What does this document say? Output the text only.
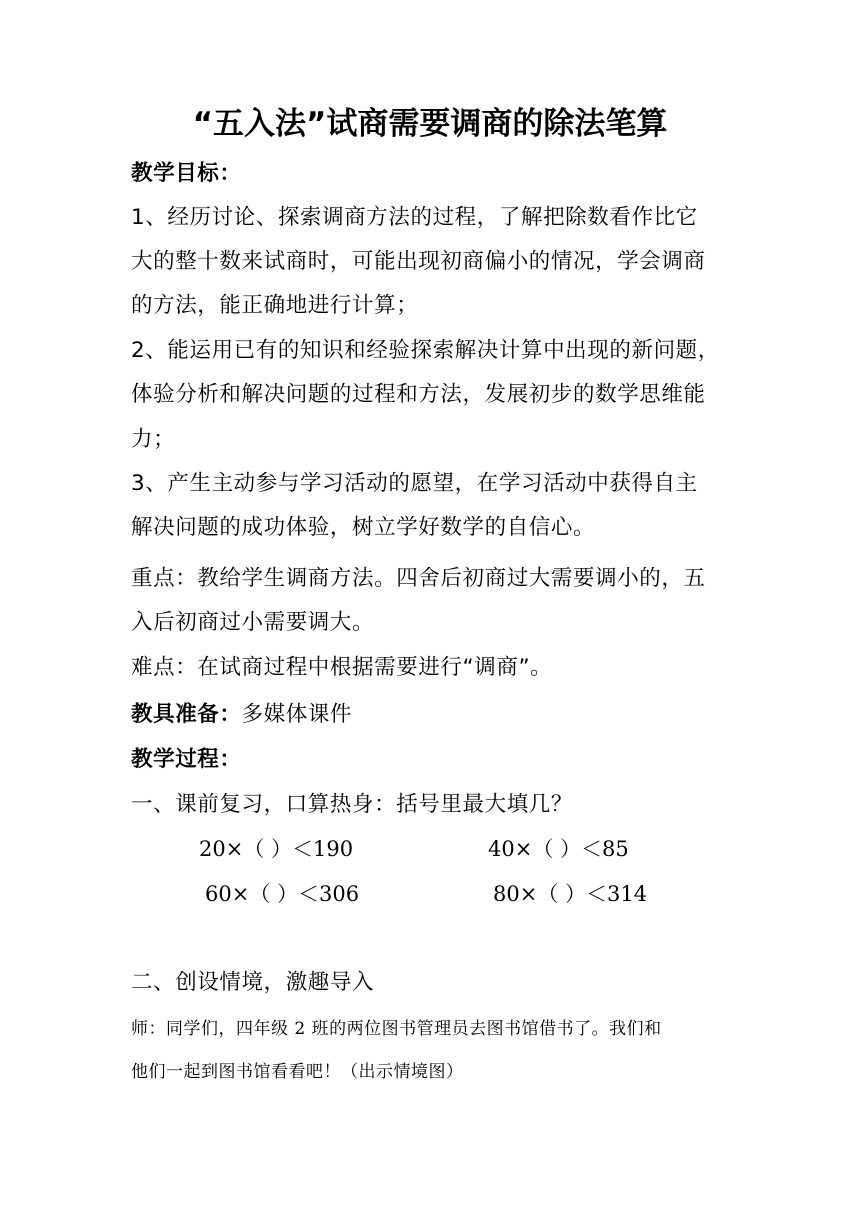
“五入法”试商需要调商的除法笔算
教学目标：
1、经历讨论、探索调商方法的过程，了解把除数看作比它
大的整十数来试商时，可能出现初商偏小的情况，学会调商
的方法，能正确地进行计算；
2、能运用已有的知识和经验探索解决计算中出现的新问题，
体验分析和解决问题的过程和方法，发展初步的数学思维能
力；
3、产生主动参与学习活动的愿望，在学习活动中获得自主
解决问题的成功体验，树立学好数学的自信心。
重点：教给学生调商方法。四舍后初商过大需要调小的，五
入后初商过小需要调大。
难点：在试商过程中根据需要进行“调商”。
教具准备：多媒体课件
教学过程：
一、课前复习，口算热身：括号里最大填几？
20×（ ）＜190	40×（ ）＜85
60×（ ）＜306	80×（ ）＜314
二、创设情境，激趣导入
师：同学们，四年级 2 班的两位图书管理员去图书馆借书了。我们和
他们一起到图书馆看看吧！（出示情境图）
